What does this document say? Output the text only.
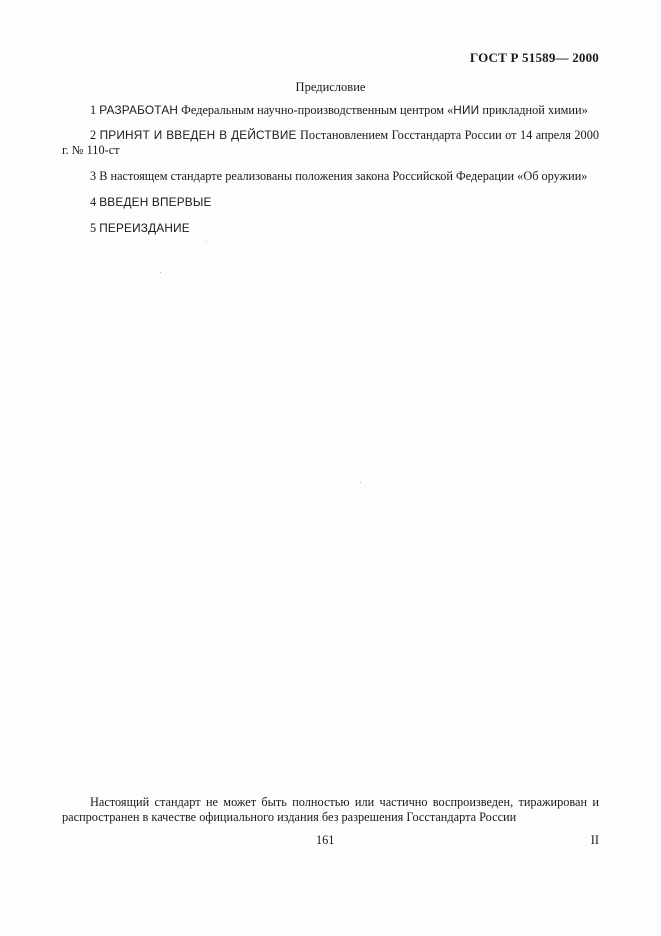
ГОСТ Р 51589— 2000
Предисловие
1 РАЗРАБОТАН Федеральным научно-производственным центром «НИИ прикладной химии»
2 ПРИНЯТ И ВВЕДЕН В ДЕЙСТВИЕ Постановлением Госстандарта России от 14 апреля 2000 г. № 110-ст
3 В настоящем стандарте реализованы положения закона Российской Федерации «Об оружии»
4 ВВЕДЕН ВПЕРВЫЕ
5 ПЕРЕИЗДАНИЕ
Настоящий стандарт не может быть полностью или частично воспроизведен, тиражирован и распространен в качестве официального издания без разрешения Госстандарта России
161	II
